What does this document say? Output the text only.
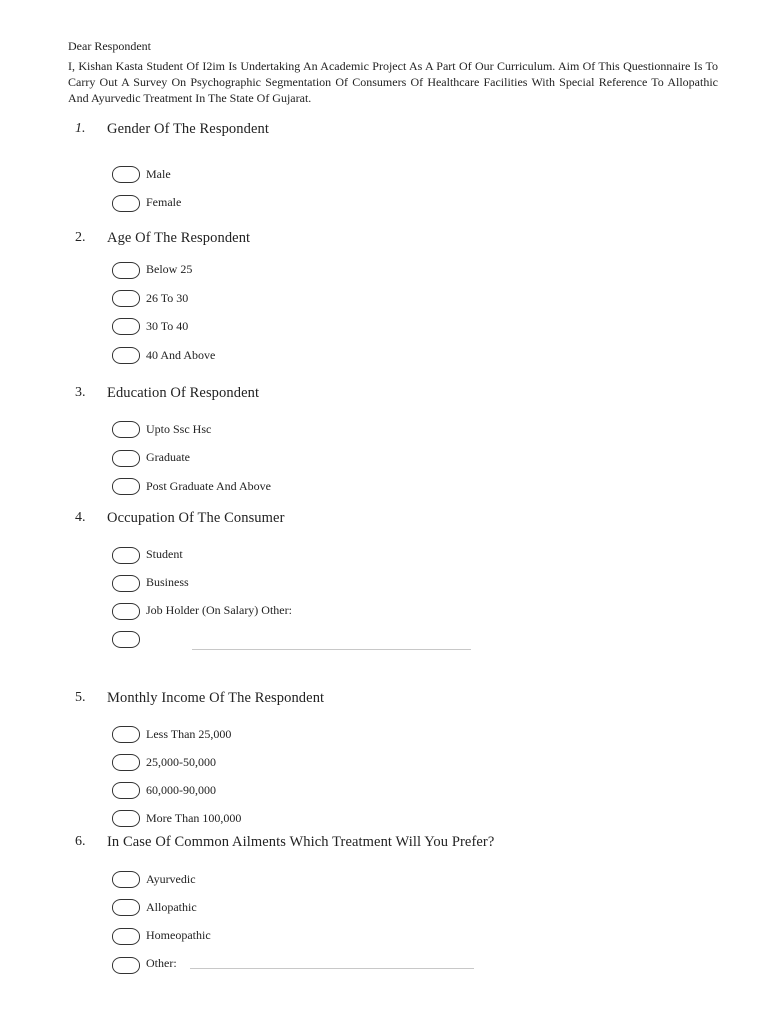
Dear Respondent
I, Kishan Kasta Student Of I2im Is Undertaking An Academic Project As A Part Of Our Curriculum. Aim Of This Questionnaire Is To Carry Out A Survey On Psychographic Segmentation Of Consumers Of Healthcare Facilities With Special Reference To Allopathic And Ayurvedic Treatment In The State Of Gujarat.
1. Gender Of The Respondent
Male
Female
2. Age Of The Respondent
Below 25
26 To 30
30 To 40
40 And Above
3. Education Of Respondent
Upto Ssc Hsc
Graduate
Post Graduate And Above
4. Occupation Of The Consumer
Student
Business
Job Holder (On Salary) Other:
5. Monthly Income Of The Respondent
Less Than 25,000
25,000-50,000
60,000-90,000
More Than 100,000
6. In Case Of Common Ailments Which Treatment Will You Prefer?
Ayurvedic
Allopathic
Homeopathic
Other:
